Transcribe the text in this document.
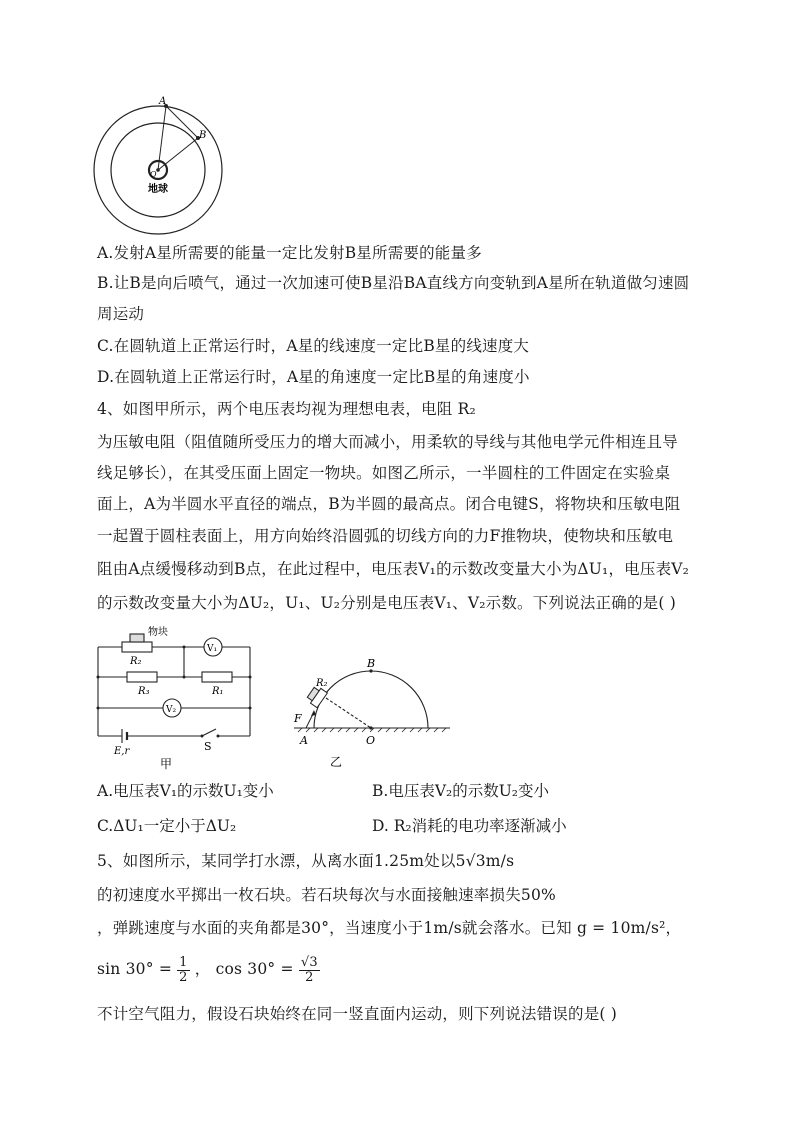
A
B
O
地球
A.发射A星所需要的能量一定比发射B星所需要的能量多
B.让B是向后喷气，通过一次加速可使B星沿BA直线方向变轨到A星所在轨道做匀速圆
周运动
C.在圆轨道上正常运行时，A星的线速度一定比B星的线速度大
D.在圆轨道上正常运行时，A星的角速度一定比B星的角速度小
4、如图甲所示，两个电压表均视为理想电表，电阻 R₂
为压敏电阻（阻值随所受压力的增大而减小，用柔软的导线与其他电学元件相连且导
线足够长），在其受压面上固定一物块。如图乙所示，一半圆柱的工件固定在实验桌
面上，A为半圆水平直径的端点，B为半圆的最高点。闭合电键S，将物块和压敏电阻
一起置于圆柱表面上，用方向始终沿圆弧的切线方向的力F推物块，使物块和压敏电
阻由A点缓慢移动到B点，在此过程中，电压表V₁的示数改变量大小为ΔU₁，电压表V₂
的示数改变量大小为ΔU₂，U₁、U₂分别是电压表V₁、V₂示数。下列说法正确的是( )
物块
R₂
V₁
R₃	R₁
V₂
E,r	S
甲
B
R₂
F
A	O
乙
A.电压表V₁的示数U₁变小	B.电压表V₂的示数U₂变小
C.ΔU₁一定小于ΔU₂	D. R₂消耗的电功率逐渐减小
5、如图所示，某同学打水漂，从离水面1.25m处以5√3m/s
的初速度水平掷出一枚石块。若石块每次与水面接触速率损失50%
，弹跳速度与水面的夹角都是30°，当速度小于1m/s就会落水。已知 g = 10m/s²，
$\sin 30^\circ = \frac{1}{2}$ ， $\cos 30^\circ = \frac{√3}{2}$
不计空气阻力，假设石块始终在同一竖直面内运动，则下列说法错误的是( )
